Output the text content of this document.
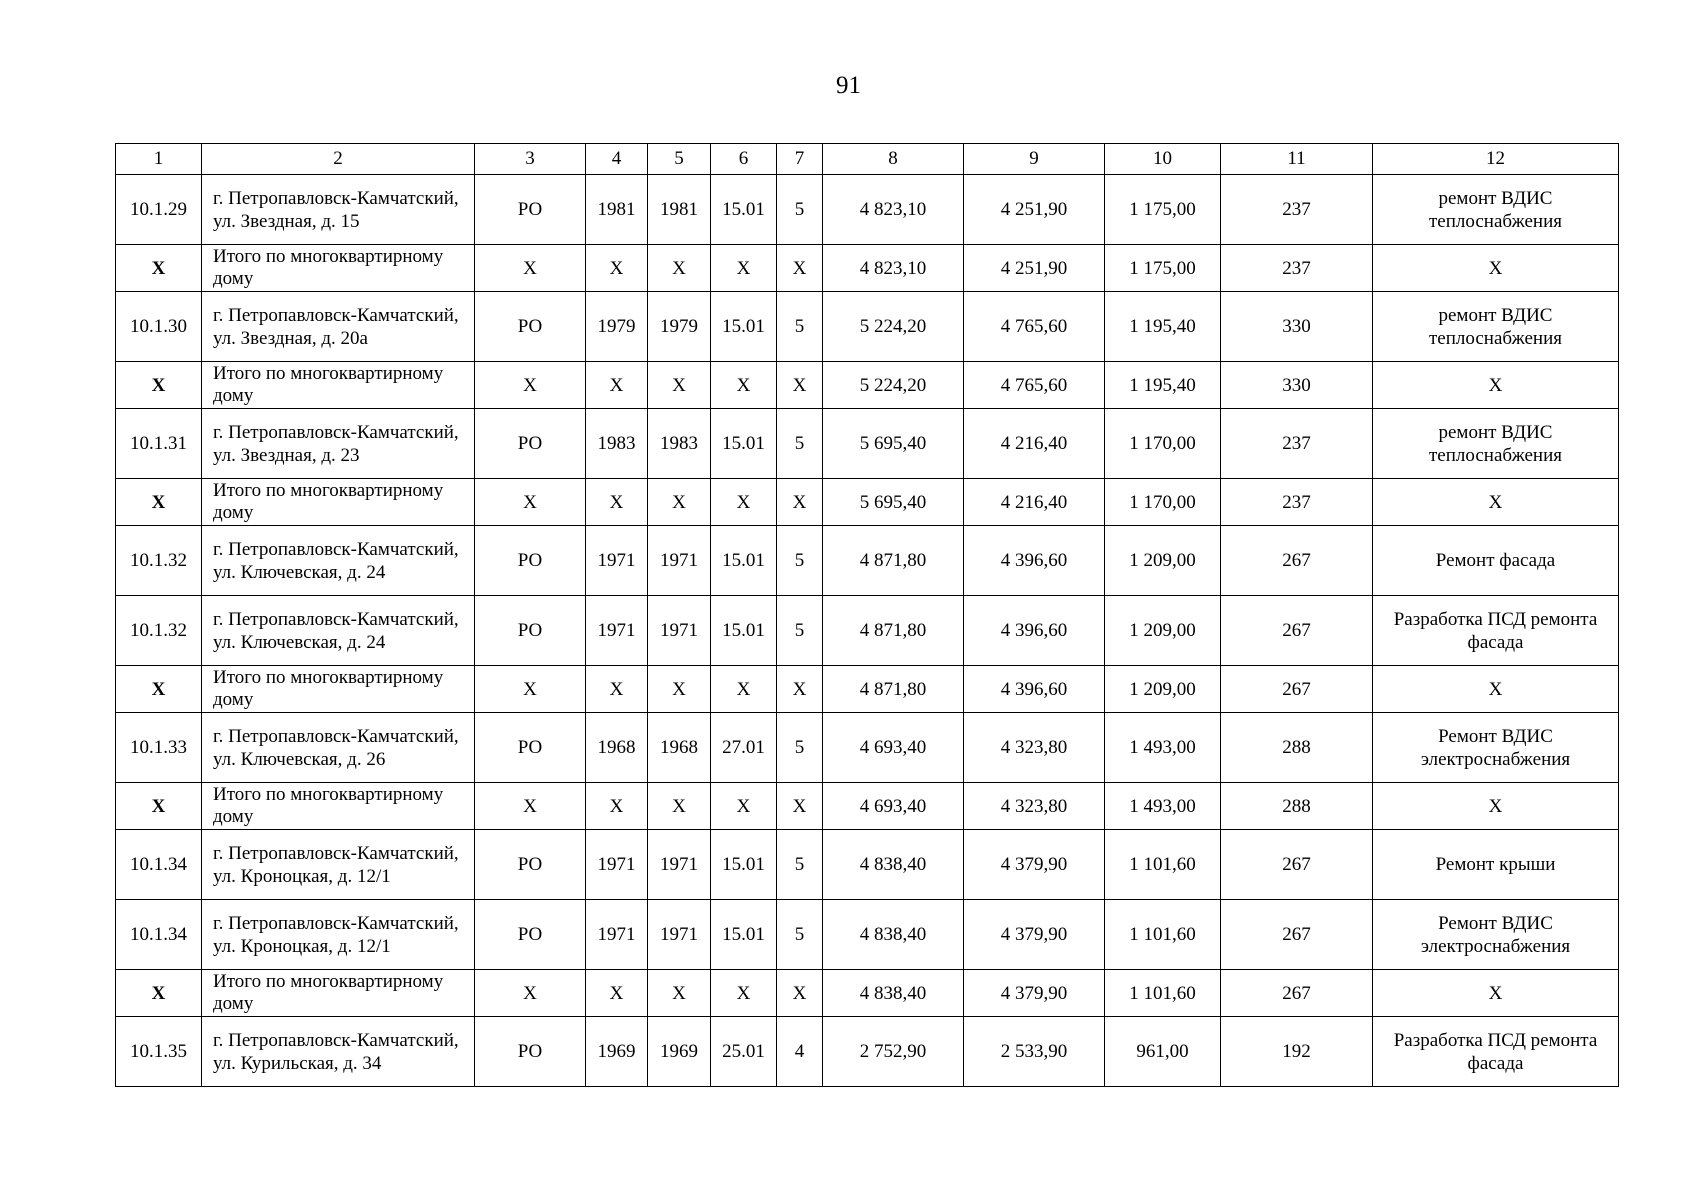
91
1	2	3	4	5	6	7	8	9	10	11	12
10.1.29	г. Петропавловск-Камчатский, ул. Звездная, д. 15	РО	1981	1981	15.01	5	4 823,10	4 251,90	1 175,00	237	ремонт ВДИС теплоснабжения
Х	Итого по многоквартирному дому	Х	Х	Х	Х	Х	4 823,10	4 251,90	1 175,00	237	Х
10.1.30	г. Петропавловск-Камчатский, ул. Звездная, д. 20а	РО	1979	1979	15.01	5	5 224,20	4 765,60	1 195,40	330	ремонт ВДИС теплоснабжения
Х	Итого по многоквартирному дому	Х	Х	Х	Х	Х	5 224,20	4 765,60	1 195,40	330	Х
10.1.31	г. Петропавловск-Камчатский, ул. Звездная, д. 23	РО	1983	1983	15.01	5	5 695,40	4 216,40	1 170,00	237	ремонт ВДИС теплоснабжения
Х	Итого по многоквартирному дому	Х	Х	Х	Х	Х	5 695,40	4 216,40	1 170,00	237	Х
10.1.32	г. Петропавловск-Камчатский, ул. Ключевская, д. 24	РО	1971	1971	15.01	5	4 871,80	4 396,60	1 209,00	267	Ремонт фасада
10.1.32	г. Петропавловск-Камчатский, ул. Ключевская, д. 24	РО	1971	1971	15.01	5	4 871,80	4 396,60	1 209,00	267	Разработка ПСД ремонта фасада
Х	Итого по многоквартирному дому	Х	Х	Х	Х	Х	4 871,80	4 396,60	1 209,00	267	Х
10.1.33	г. Петропавловск-Камчатский, ул. Ключевская, д. 26	РО	1968	1968	27.01	5	4 693,40	4 323,80	1 493,00	288	Ремонт ВДИС электроснабжения
Х	Итого по многоквартирному дому	Х	Х	Х	Х	Х	4 693,40	4 323,80	1 493,00	288	Х
10.1.34	г. Петропавловск-Камчатский, ул. Кроноцкая, д. 12/1	РО	1971	1971	15.01	5	4 838,40	4 379,90	1 101,60	267	Ремонт крыши
10.1.34	г. Петропавловск-Камчатский, ул. Кроноцкая, д. 12/1	РО	1971	1971	15.01	5	4 838,40	4 379,90	1 101,60	267	Ремонт ВДИС электроснабжения
Х	Итого по многоквартирному дому	Х	Х	Х	Х	Х	4 838,40	4 379,90	1 101,60	267	Х
10.1.35	г. Петропавловск-Камчатский, ул. Курильская, д. 34	РО	1969	1969	25.01	4	2 752,90	2 533,90	961,00	192	Разработка ПСД ремонта фасада
